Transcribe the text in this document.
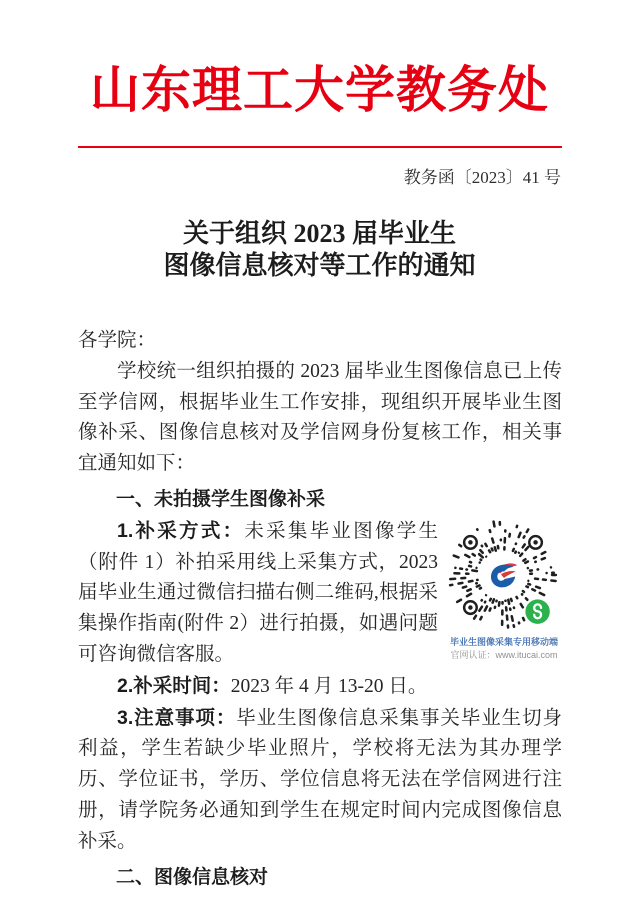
山东理工大学教务处
教务函〔2023〕41 号
关于组织 2023 届毕业生
图像信息核对等工作的通知

各学院：

学校统一组织拍摄的 2023 届毕业生图像信息已上传至学信网，根据毕业生工作安排，现组织开展毕业生图像补采、图像信息核对及学信网身份复核工作，相关事宜通知如下：

一、未拍摄学生图像补采

毕业生图像采集专用移动端
官网认证：www.itucai.com

1.补采方式：未采集毕业图像学生（附件 1）补拍采用线上采集方式，2023 届毕业生通过微信扫描右侧二维码,根据采集操作指南(附件 2）进行拍摄，如遇问题可咨询微信客服。

2.补采时间：2023 年 4 月 13-20 日。

3.注意事项：毕业生图像信息采集事关毕业生切身利益，学生若缺少毕业照片，学校将无法为其办理学历、学位证书，学历、学位信息将无法在学信网进行注册，请学院务必通知到学生在规定时间内完成图像信息补采。

二、图像信息核对
